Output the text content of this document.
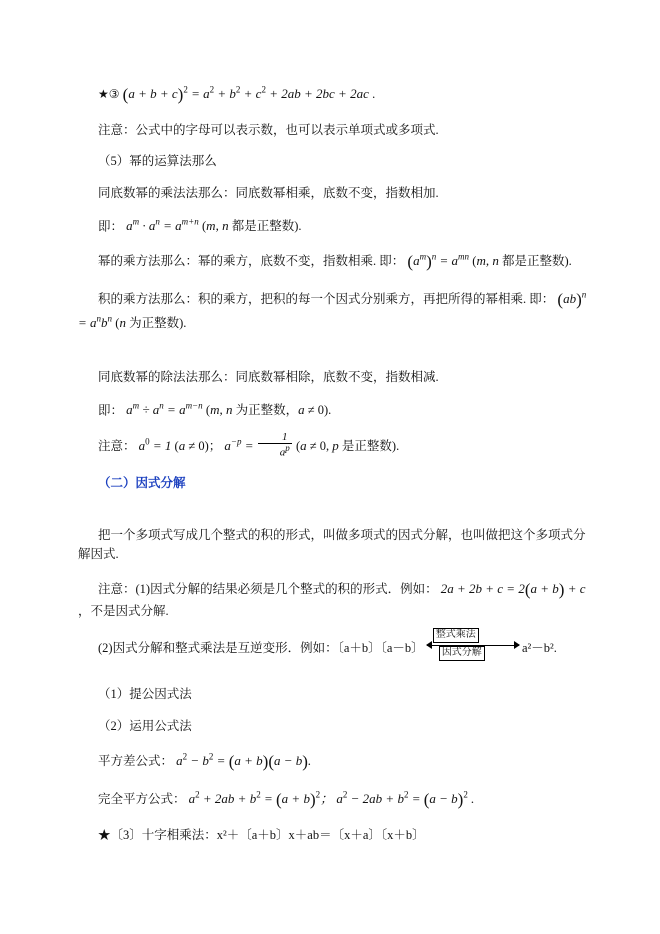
★③ $(a + b + c)^2 = a^2 + b^2 + c^2 + 2ab + 2bc + 2ac$ .

注意：公式中的字母可以表示数，也可以表示单项式或多项式.

（5）幂的运算法那么

同底数幂的乘法法那么：同底数幂相乘，底数不变，指数相加.

即： $a^m \cdot a^n = a^{m+n}$ (m, n 都是正整数).

幂的乘方法那么：幂的乘方，底数不变，指数相乘. 即： $(a^m)^n = a^{mn}$ (m, n 都是正整数).

积的乘方法那么：积的乘方，把积的每一个因式分别乘方，再把所得的幂相乘. 即： $(ab)^n = a^nb^n$ (n 为正整数).

同底数幂的除法法那么：同底数幂相除，底数不变，指数相减.

即： $a^m \div a^n = a^{m-n}$ (m, n 为正整数，a ≠ 0).

注意： $a^0 = 1$ (a ≠ 0)； $a^{-p} = \frac{1}{a^p} (a \ne 0$, p 是正整数).

（二）因式分解

把一个多项式写成几个整式的积的形式，叫做多项式的因式分解，也叫做把这个多项式分解因式.

注意：(1)因式分解的结果必须是几个整式的积的形式．例如： 2a + 2b + c = 2(a + b) + c ，不是因式分解.

(2)因式分解和整式乘法是互逆变形．例如：〔a＋b〕〔a－b〕
整式乘法
因式分解	a²－b².

（1）提公因式法

（2）运用公式法

平方差公式： $a^2 - b^2 = (a + b)(a - b)$.

完全平方公式： $a^2 + 2ab + b^2 = (a + b)^2$； $a^2 - 2ab + b^2 = (a - b)^2$ .

★〔3〕十字相乘法：x²＋〔a＋b〕x＋ab＝〔x＋a〕〔x＋b〕
